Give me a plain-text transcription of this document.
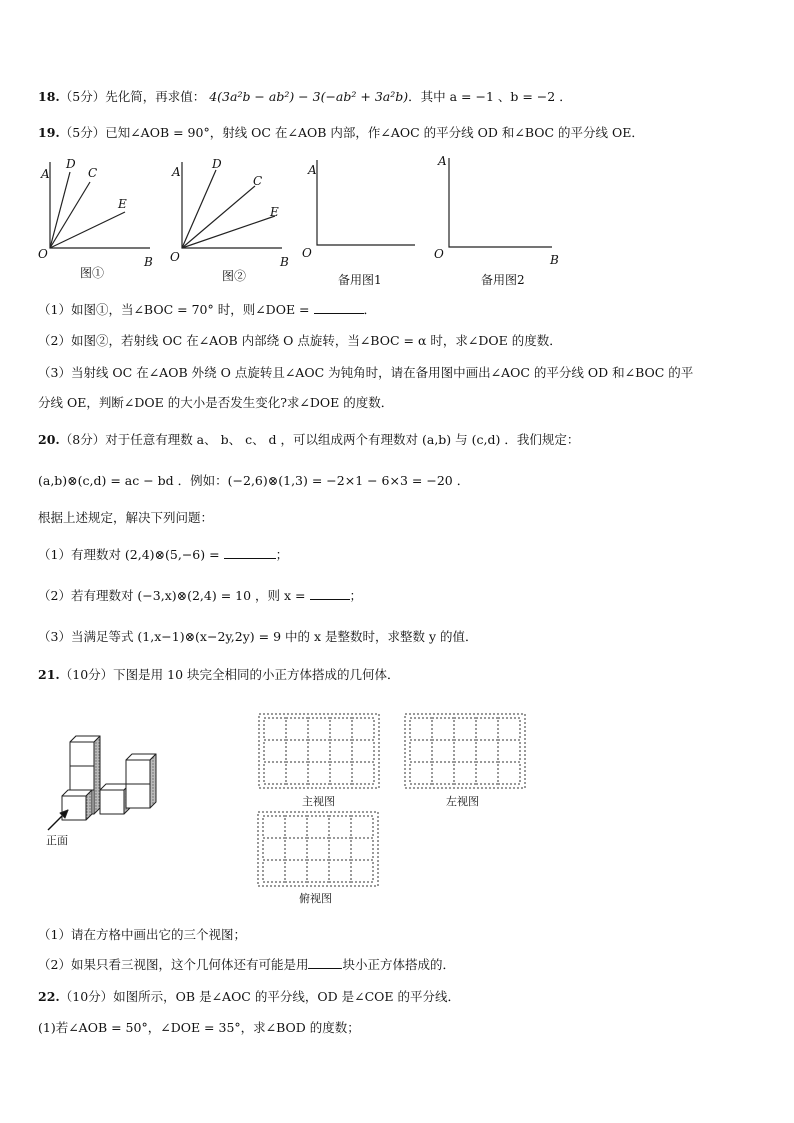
18.（5分）先化简，再求值： 4(3a²b − ab²) − 3(−ab² + 3a²b)．其中 a = −1 、b = −2 ．
19.（5分）已知∠AOB = 90°，射线 OC 在∠AOB 内部，作∠AOC 的平分线 OD 和∠BOC 的平分线 OE．
A
D
C
E
O
B
A
D
C
E
O	B
A
O
A
O	B
图①	图②	备用图1	备用图2
（1）如图①，当∠BOC = 70° 时，则∠DOE =	．
（2）如图②，若射线 OC 在∠AOB 内部绕 O 点旋转，当∠BOC = α 时，求∠DOE 的度数．
（3）当射线 OC 在∠AOB 外绕 O 点旋转且∠AOC 为钝角时，请在备用图中画出∠AOC 的平分线 OD 和∠BOC 的平
分线 OE，判断∠DOE 的大小是否发生变化?求∠DOE 的度数．
20.（8分）对于任意有理数 a、 b、 c、 d ，可以组成两个有理数对 (a,b) 与 (c,d) ．我们规定：
(a,b)⊗(c,d) = ac − bd ．例如：(−2,6)⊗(1,3) = −2×1 − 6×3 = −20 ．
根据上述规定，解决下列问题：
（1）有理数对 (2,4)⊗(5,−6) =	；
（2）若有理数对 (−3,x)⊗(2,4) = 10 ，则 x =	；
（3）当满足等式 (1,x−1)⊗(x−2y,2y) = 9 中的 x 是整数时，求整数 y 的值．
21.（10分）下图是用 10 块完全相同的小正方体搭成的几何体．
正面
主视图	左视图
俯视图
（1）请在方格中画出它的三个视图；
（2）如果只看三视图，这个几何体还有可能是用	块小正方体搭成的．
22.（10分）如图所示，OB 是∠AOC 的平分线，OD 是∠COE 的平分线．
(1)若∠AOB = 50°，∠DOE = 35°，求∠BOD 的度数；
